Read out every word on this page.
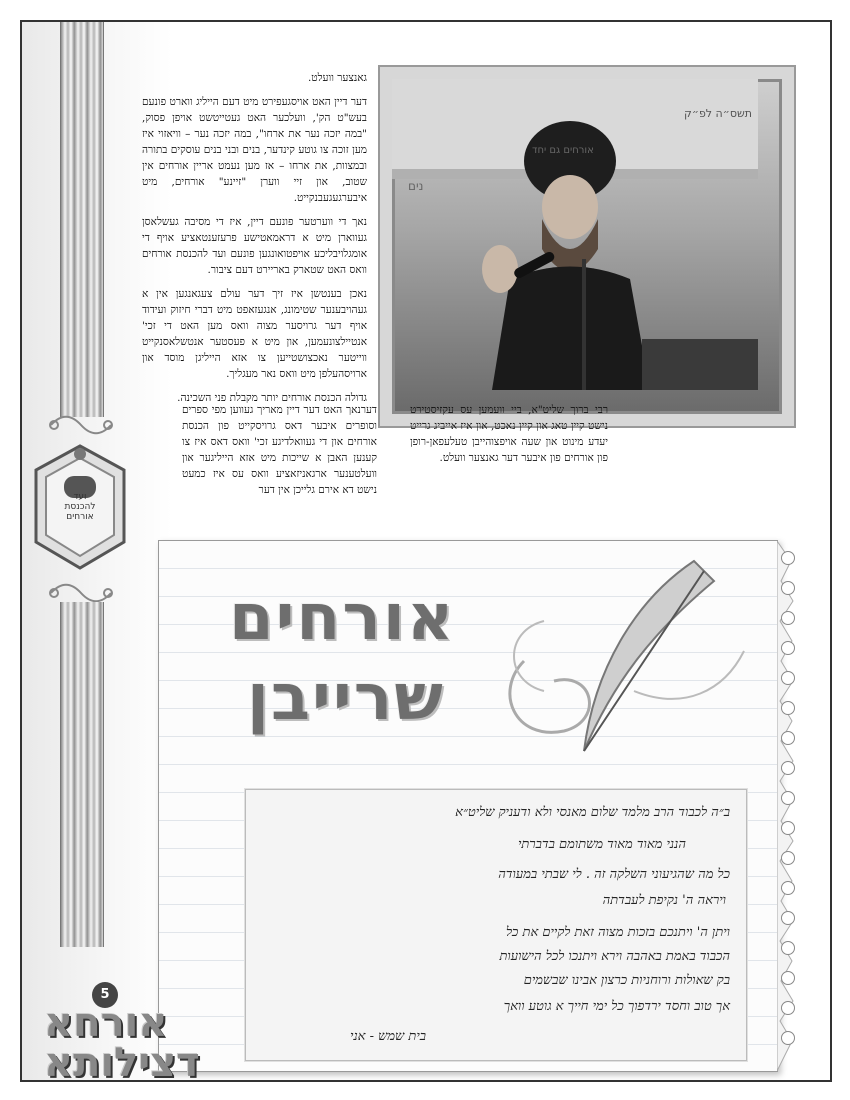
ועד
להכנסת
אורחים
תשס״ה לפ״ק
אורחים גם יחד
נים

גאנצער וועלט.

דער דיין האט אויסגעפירט מיט דעם הייליג ווארט פונעם בעש"ט הק', וועלכער האט געטייטשט אויפן פסוק, "במה יזכה נער את ארחו", במה יזכה נער – וויאזוי איז מען זוכה צו גוטע קינדער, בנים ובני בנים עוסקים בתורה ובמצוות, את ארחו – אז מען נעמט אריין אורחים אין שטוב, און זיי ווערן "זיינע" אורחים, מיט איבערגעגעבנקייט.

נאך די ווערטער פונעם דיין, איז די מסיבה געשלאסן געווארן מיט א דראמאטישע פרעזענטאציע אויף די אומגלויבליכע אויפטואונגען פונעם ועד להכנסת אורחים וואס האט שטארק באריירט דעם ציבור.

נאכן בענטשן איז זיך דער עולם צעגאנגען אין א געהויבענער שטימונג, אנגעזאפט מיט דברי חיזוק ועידוד אויף דער גרויסער מצוה וואס מען האט די זכי' אנטיילצונעמען, און מיט א פעסטער אנטשלאסנקייט ווייטער נאכצושטייען צו אזא הייליגן מוסד און ארויסהעלפן מיט וואס נאר מעגליך.

גדולה הכנסת אורחים יותר מקבלת פני השכינה.

דערנאך האט דער דיין מאריך געווען מפי ספרים וסופרים איבער דאס גרויסקייט פון הכנסת אורחים און די געוואלדיגע זכי' וואס דאס איז צו קענען האבן א שייכות מיט אזא הייליגער און וועלטענער ארגאניזאציע וואס עס איז כמעט נישט דא אירם גלייכן אין דער

רבי ברוך שליט"א, ביי וועמען עס עקזיסטירט נישט קיין טאג און קיין נאכט, און איז אייביג גרייט יעדע מינוט און שעה אויפצוהייבן טעלעפאן-רופן פון אורחים פון איבער דער גאנצער וועלט.

אורחים
שרייבן
ב״ה לכבוד הרב מלמד שלום מאנסי ולא ודעניק שליט״א
הנני מאוד מאוד משתומם בדברתי
כל מה שהגיעוני השלקה זה . לי שבתי במעודה
ויראה ה' נקיפת לעבדתה
ויתן ה' ויתנכם בזכות מצוה זאת לקיים את כל
הכבוד באמת באהבה וירא ויתנכו לכל הישועות
בק שאולות ורוחניות כרצון אבינו שבשמים
אך טוב וחסד ירדפוך כל ימי חייך א גוטע וואך
בית שמש - אני
5
אורחא
דצילותא
